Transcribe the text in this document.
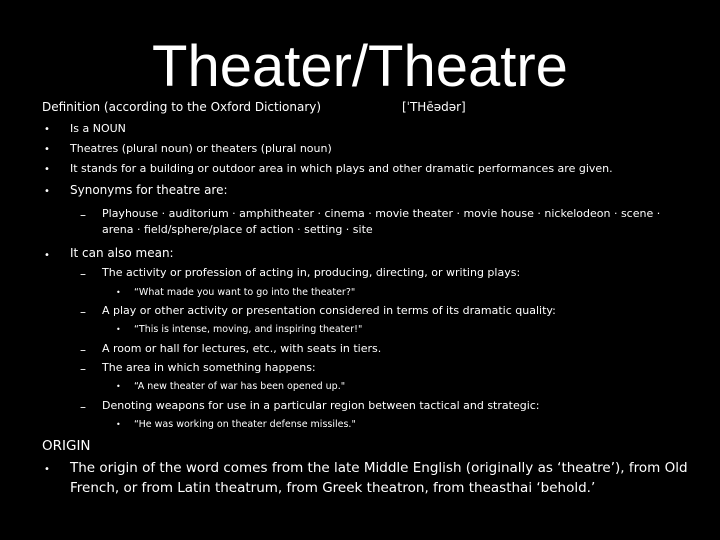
Theater/Theatre
Definition (according to the Oxford Dictionary)	[ˈTHēədər]
• Is a NOUN
• Theatres (plural noun) or theaters (plural noun)
• It stands for a building or outdoor area in which plays and other dramatic performances are given.
• Synonyms for theatre are:
– Playhouse · auditorium · amphitheater · cinema · movie theater · movie house · nickelodeon · scene ·
arena · field/sphere/place of action · setting · site
• It can also mean:
– The activity or profession of acting in, producing, directing, or writing plays:
• “What made you want to go into the theater?"
– A play or other activity or presentation considered in terms of its dramatic quality:
• “This is intense, moving, and inspiring theater!"
– A room or hall for lectures, etc., with seats in tiers.
– The area in which something happens:
• “A new theater of war has been opened up."
– Denoting weapons for use in a particular region between tactical and strategic:
• “He was working on theater defense missiles."
ORIGIN
• The origin of the word comes from the late Middle English (originally as ‘theatre’), from Old
French, or from Latin theatrum, from Greek theatron, from theasthai ‘behold.’
